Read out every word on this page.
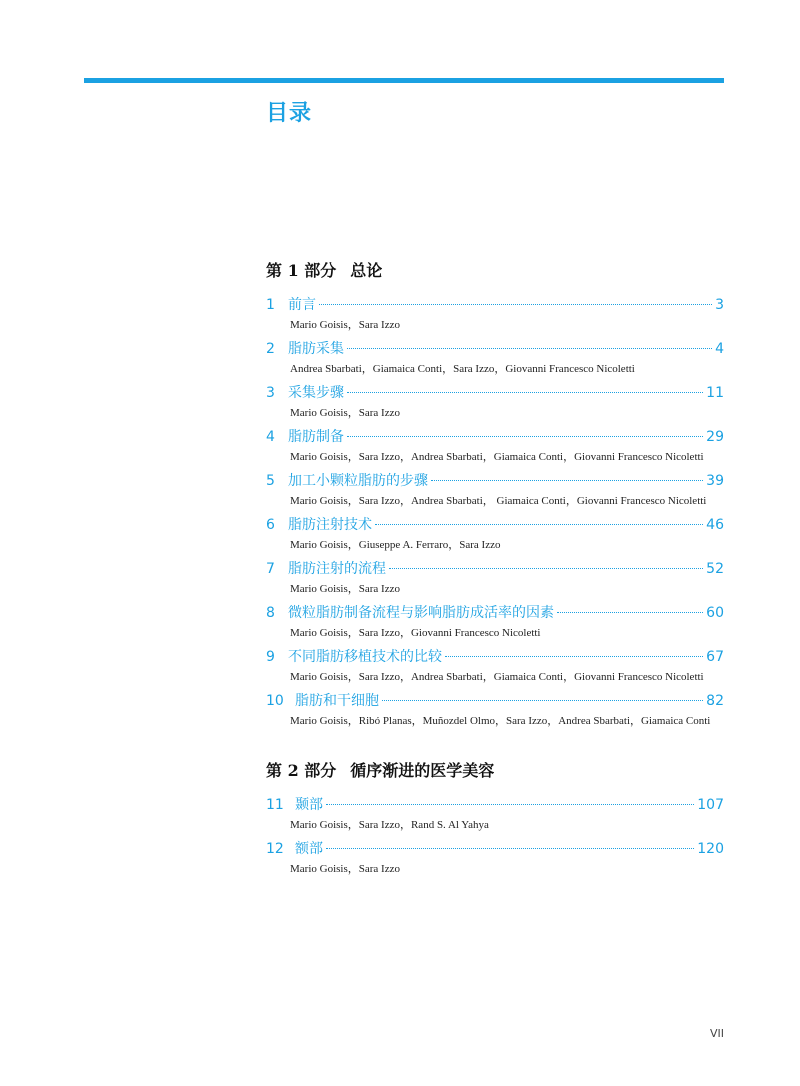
目录
第 1 部分 总论
1 前言	3
Mario Goisis，Sara Izzo
2 脂肪采集	4
Andrea Sbarbati，Giamaica Conti，Sara Izzo，Giovanni Francesco Nicoletti
3 采集步骤	11
Mario Goisis，Sara Izzo
4 脂肪制备	29
Mario Goisis，Sara Izzo，Andrea Sbarbati，Giamaica Conti，Giovanni Francesco Nicoletti
5 加工小颗粒脂肪的步骤	39
Mario Goisis，Sara Izzo，Andrea Sbarbati， Giamaica Conti，Giovanni Francesco Nicoletti
6 脂肪注射技术	46
Mario Goisis，Giuseppe A. Ferraro，Sara Izzo
7 脂肪注射的流程	52
Mario Goisis，Sara Izzo
8 微粒脂肪制备流程与影响脂肪成活率的因素	60
Mario Goisis，Sara Izzo，Giovanni Francesco Nicoletti
9 不同脂肪移植技术的比较	67
Mario Goisis，Sara Izzo，Andrea Sbarbati，Giamaica Conti，Giovanni Francesco Nicoletti
10 脂肪和干细胞	82
Mario Goisis，Ribó Planas，Muñozdel Olmo，Sara Izzo，Andrea Sbarbati，Giamaica Conti
第 2 部分 循序渐进的医学美容
11 颞部	107
Mario Goisis，Sara Izzo，Rand S. Al Yahya
12 额部	120
Mario Goisis，Sara Izzo
VII
